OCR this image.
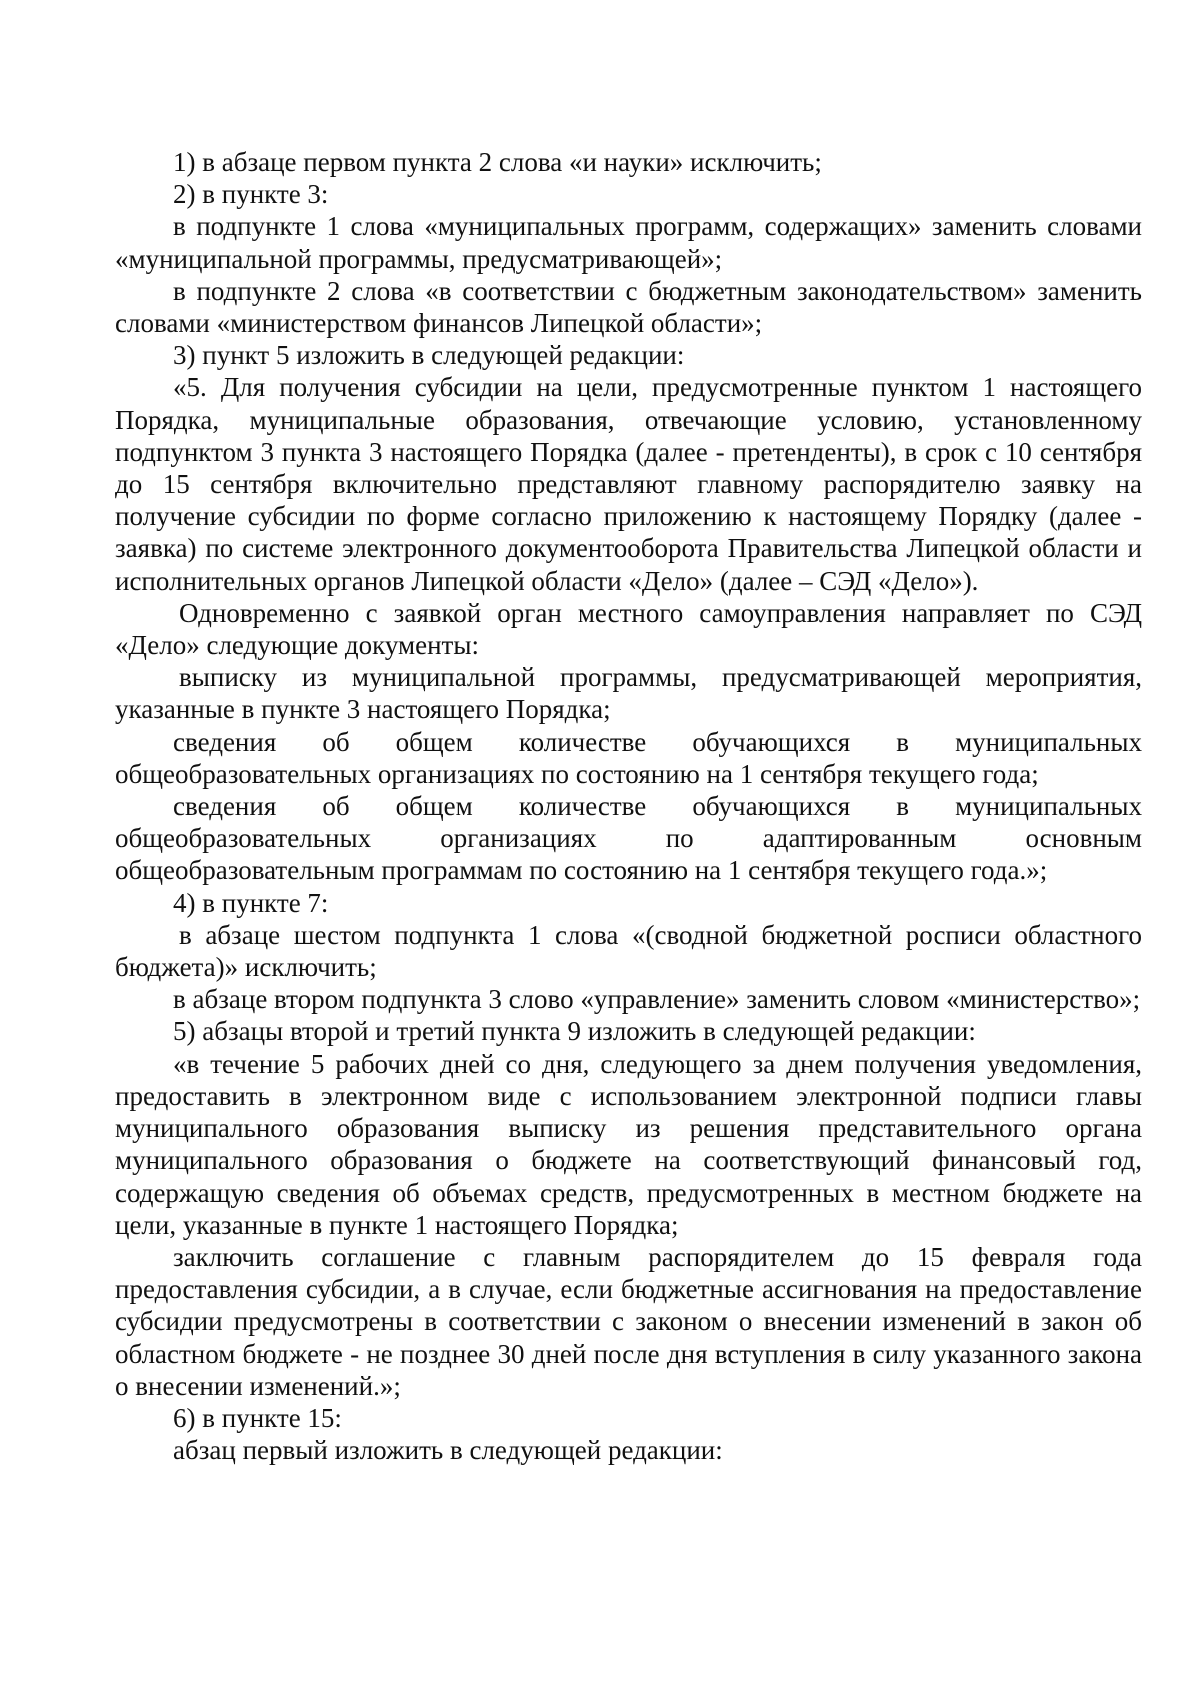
1) в абзаце первом пункта 2 слова «и науки» исключить;

2) в пункте 3:

в подпункте 1 слова «муниципальных программ, содержащих» заменить словами «муниципальной программы, предусматривающей»;

в подпункте 2 слова «в соответствии с бюджетным законодательством» заменить словами «министерством финансов Липецкой области»;

3) пункт 5 изложить в следующей редакции:

«5. Для получения субсидии на цели, предусмотренные пунктом 1 настоящего Порядка, муниципальные образования, отвечающие условию, установленному подпунктом 3 пункта 3 настоящего Порядка (далее - претенденты), в срок с 10 сентября до 15 сентября включительно представляют главному распорядителю заявку на получение субсидии по форме согласно приложению к настоящему Порядку (далее - заявка) по системе электронного документооборота Правительства Липецкой области и исполнительных органов Липецкой области «Дело» (далее – СЭД «Дело»).

Одновременно с заявкой орган местного самоуправления направляет по СЭД «Дело» следующие документы:

выписку из муниципальной программы, предусматривающей мероприятия, указанные в пункте 3 настоящего Порядка;

сведения об общем количестве обучающихся в муниципальных общеобразовательных организациях по состоянию на 1 сентября текущего года;

сведения об общем количестве обучающихся в муниципальных общеобразовательных организациях по адаптированным основным общеобразовательным программам по состоянию на 1 сентября текущего года.»;

4) в пункте 7:

в абзаце шестом подпункта 1 слова «(сводной бюджетной росписи областного бюджета)» исключить;

в абзаце втором подпункта 3 слово «управление» заменить словом «министерство»;

5) абзацы второй и третий пункта 9 изложить в следующей редакции:

«в течение 5 рабочих дней со дня, следующего за днем получения уведомления, предоставить в электронном виде с использованием электронной подписи главы муниципального образования выписку из решения представительного органа муниципального образования о бюджете на соответствующий финансовый год, содержащую сведения об объемах средств, предусмотренных в местном бюджете на цели, указанные в пункте 1 настоящего Порядка;

заключить соглашение с главным распорядителем до 15 февраля года предоставления субсидии, а в случае, если бюджетные ассигнования на предоставление субсидии предусмотрены в соответствии с законом о внесении изменений в закон об областном бюджете - не позднее 30 дней после дня вступления в силу указанного закона о внесении изменений.»;

6) в пункте 15:

абзац первый изложить в следующей редакции:
